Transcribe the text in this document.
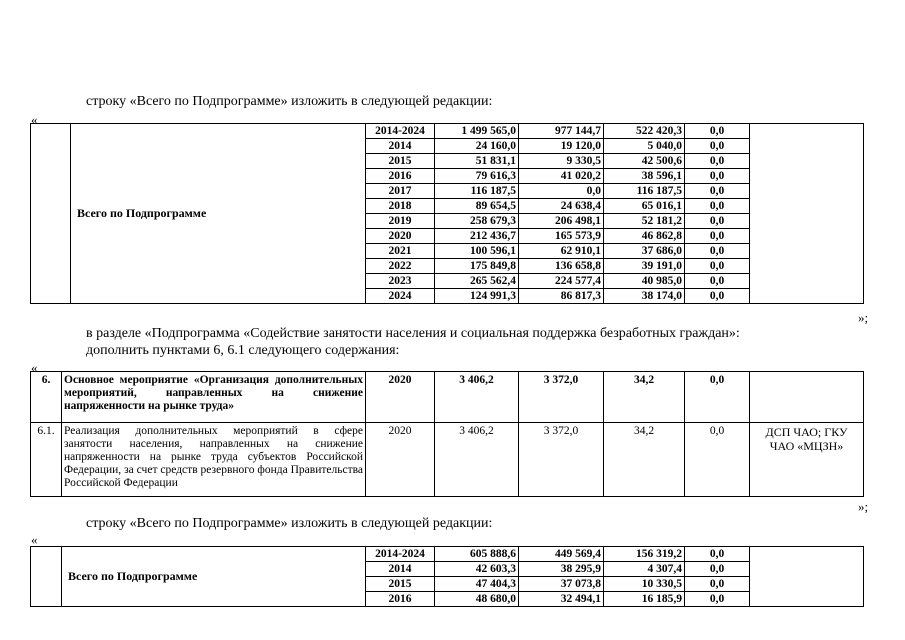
строку «Всего по Подпрограмме» изложить в следующей редакции:
«
	Всего по Подпрограмме	2014-2024	1 499 565,0	977 144,7	522 420,3	0,0	
		2014	24 160,0	19 120,0	5 040,0	0,0	
		2015	51 831,1	9 330,5	42 500,6	0,0	
		2016	79 616,3	41 020,2	38 596,1	0,0	
		2017	116 187,5	0,0	116 187,5	0,0	
		2018	89 654,5	24 638,4	65 016,1	0,0	
		2019	258 679,3	206 498,1	52 181,2	0,0	
		2020	212 436,7	165 573,9	46 862,8	0,0	
		2021	100 596,1	62 910,1	37 686,0	0,0	
		2022	175 849,8	136 658,8	39 191,0	0,0	
		2023	265 562,4	224 577,4	40 985,0	0,0	
		2024	124 991,3	86 817,3	38 174,0	0,0	
»;
в разделе «Подпрограмма «Содействие занятости населения и социальная поддержка безработных граждан»:
дополнить пунктами 6, 6.1 следующего содержания:
«
6.	Основное мероприятие «Организация дополнительных мероприятий, направленных на снижение напряженности на рынке труда»	2020	3 406,2	3 372,0	34,2	0,0	
6.1.	Реализация дополнительных мероприятий в сфере занятости населения, направленных на снижение напряженности на рынке труда субъектов Российской Федерации, за счет средств резервного фонда Правительства Российской Федерации	2020	3 406,2	3 372,0	34,2	0,0	ДСП ЧАО; ГКУ ЧАО «МЦЗН»
»;
строку «Всего по Подпрограмме» изложить в следующей редакции:
«
	Всего по Подпрограмме	2014-2024	605 888,6	449 569,4	156 319,2	0,0	
		2014	42 603,3	38 295,9	4 307,4	0,0	
		2015	47 404,3	37 073,8	10 330,5	0,0	
		2016	48 680,0	32 494,1	16 185,9	0,0	
